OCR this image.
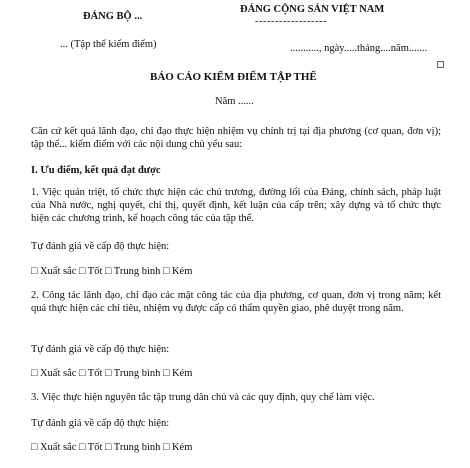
ĐẢNG BỘ ...
ĐẢNG CỘNG SẢN VIỆT NAM
------------------
... (Tập thể kiểm điểm)	..........., ngày.....tháng....năm.......
BÁO CÁO KIỂM ĐIỂM TẬP THỂ
Năm ......
Căn cứ kết quả lãnh đạo, chỉ đạo thực hiện nhiệm vụ chính trị tại địa phương (cơ quan, đơn vị); tập thể... kiểm điểm với các nội dung chủ yếu sau:
I. Ưu điểm, kết quả đạt được
1. Việc quán triệt, tổ chức thực hiện các chủ trương, đường lối của Đảng, chính sách, pháp luật của Nhà nước, nghị quyết, chỉ thị, quyết định, kết luận của cấp trên; xây dựng và tổ chức thực hiện các chương trình, kế hoạch công tác của tập thể.
Tự đánh giá về cấp độ thực hiện:
□ Xuất sắc □ Tốt □ Trung bình □ Kém
2. Công tác lãnh đạo, chỉ đạo các mặt công tác của địa phương, cơ quan, đơn vị trong năm; kết quả thực hiện các chỉ tiêu, nhiệm vụ được cấp có thẩm quyền giao, phê duyệt trong năm.
Tự đánh giá về cấp độ thực hiện:
□ Xuất sắc □ Tốt □ Trung bình □ Kém
3. Việc thực hiện nguyên tắc tập trung dân chủ và các quy định, quy chế làm việc.
Tự đánh giá về cấp độ thực hiện:
□ Xuất sắc □ Tốt □ Trung bình □ Kém
